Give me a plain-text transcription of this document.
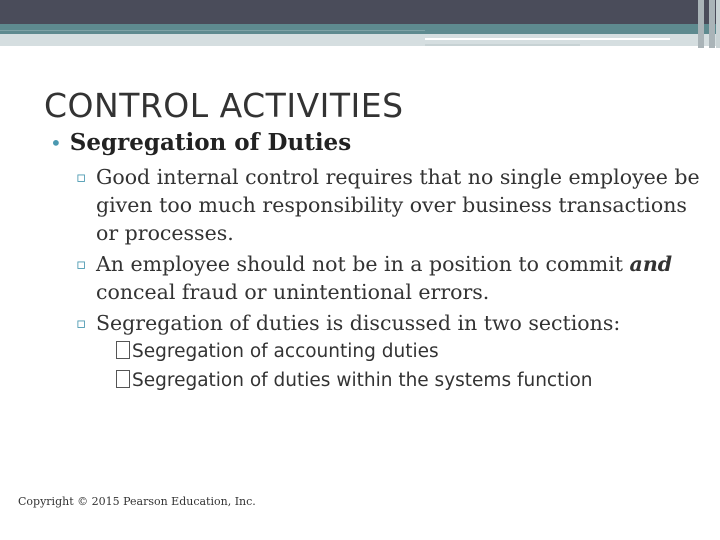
CONTROL ACTIVITIES
• Segregation of Duties
▫ Good internal control requires that no single employee be given too much responsibility over business transactions or processes.
▫ An employee should not be in a position to commit and conceal fraud or unintentional errors.
▫ Segregation of duties is discussed in two sections:
Segregation of accounting duties
Segregation of duties within the systems function
Copyright © 2015 Pearson Education, Inc.
